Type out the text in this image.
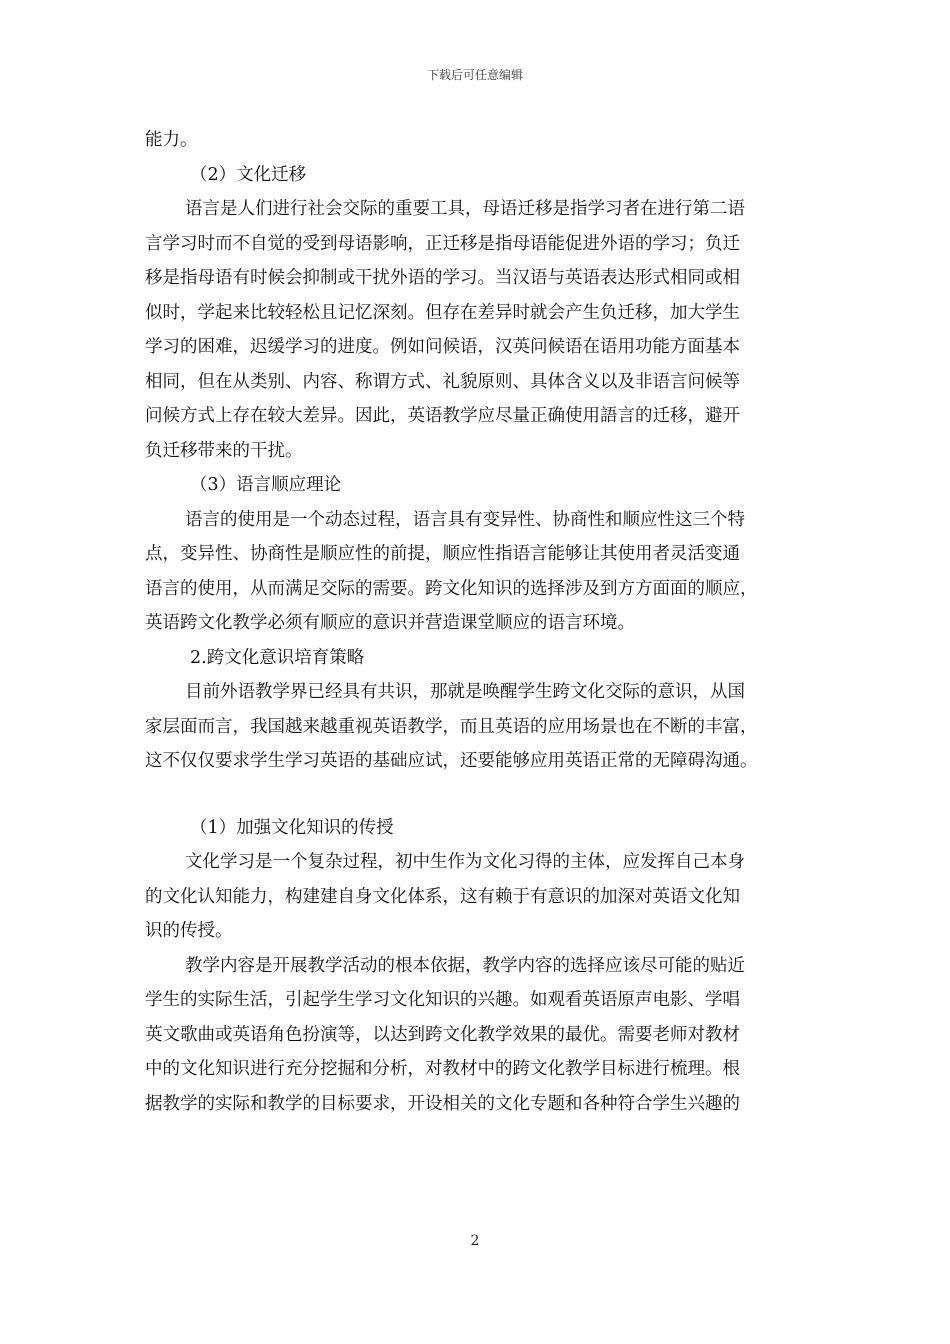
下载后可任意编辑
能力。
（2）文化迁移
语言是人们进行社会交际的重要工具，母语迁移是指学习者在进行第二语
言学习时而不自觉的受到母语影响，正迁移是指母语能促进外语的学习；负迁
移是指母语有时候会抑制或干扰外语的学习。当汉语与英语表达形式相同或相
似时，学起来比较轻松且记忆深刻。但存在差异时就会产生负迁移，加大学生
学习的困难，迟缓学习的进度。例如问候语，汉英问候语在语用功能方面基本
相同，但在从类别、内容、称谓方式、礼貌原则、具体含义以及非语言问候等
问候方式上存在较大差异。因此，英语教学应尽量正确使用語言的迁移，避开
负迁移带来的干扰。
（3）语言顺应理论
语言的使用是一个动态过程，语言具有变异性、协商性和顺应性这三个特
点，变异性、协商性是顺应性的前提，顺应性指语言能够让其使用者灵活变通
语言的使用，从而满足交际的需要。跨文化知识的选择涉及到方方面面的顺应，
英语跨文化教学必须有顺应的意识并营造课堂顺应的语言环境。
2.跨文化意识培育策略
目前外语教学界已经具有共识，那就是唤醒学生跨文化交际的意识，从国
家层面而言，我国越来越重视英语教学，而且英语的应用场景也在不断的丰富，
这不仅仅要求学生学习英语的基础应试，还要能够应用英语正常的无障碍沟通。
（1）加强文化知识的传授
文化学习是一个复杂过程，初中生作为文化习得的主体，应发挥自己本身
的文化认知能力，构建建自身文化体系，这有赖于有意识的加深对英语文化知
识的传授。
教学内容是开展教学活动的根本依据，教学内容的选择应该尽可能的贴近
学生的实际生活，引起学生学习文化知识的兴趣。如观看英语原声电影、学唱
英文歌曲或英语角色扮演等，以达到跨文化教学效果的最优。需要老师对教材
中的文化知识进行充分挖掘和分析，对教材中的跨文化教学目标进行梳理。根
据教学的实际和教学的目标要求，开设相关的文化专题和各种符合学生兴趣的
2
